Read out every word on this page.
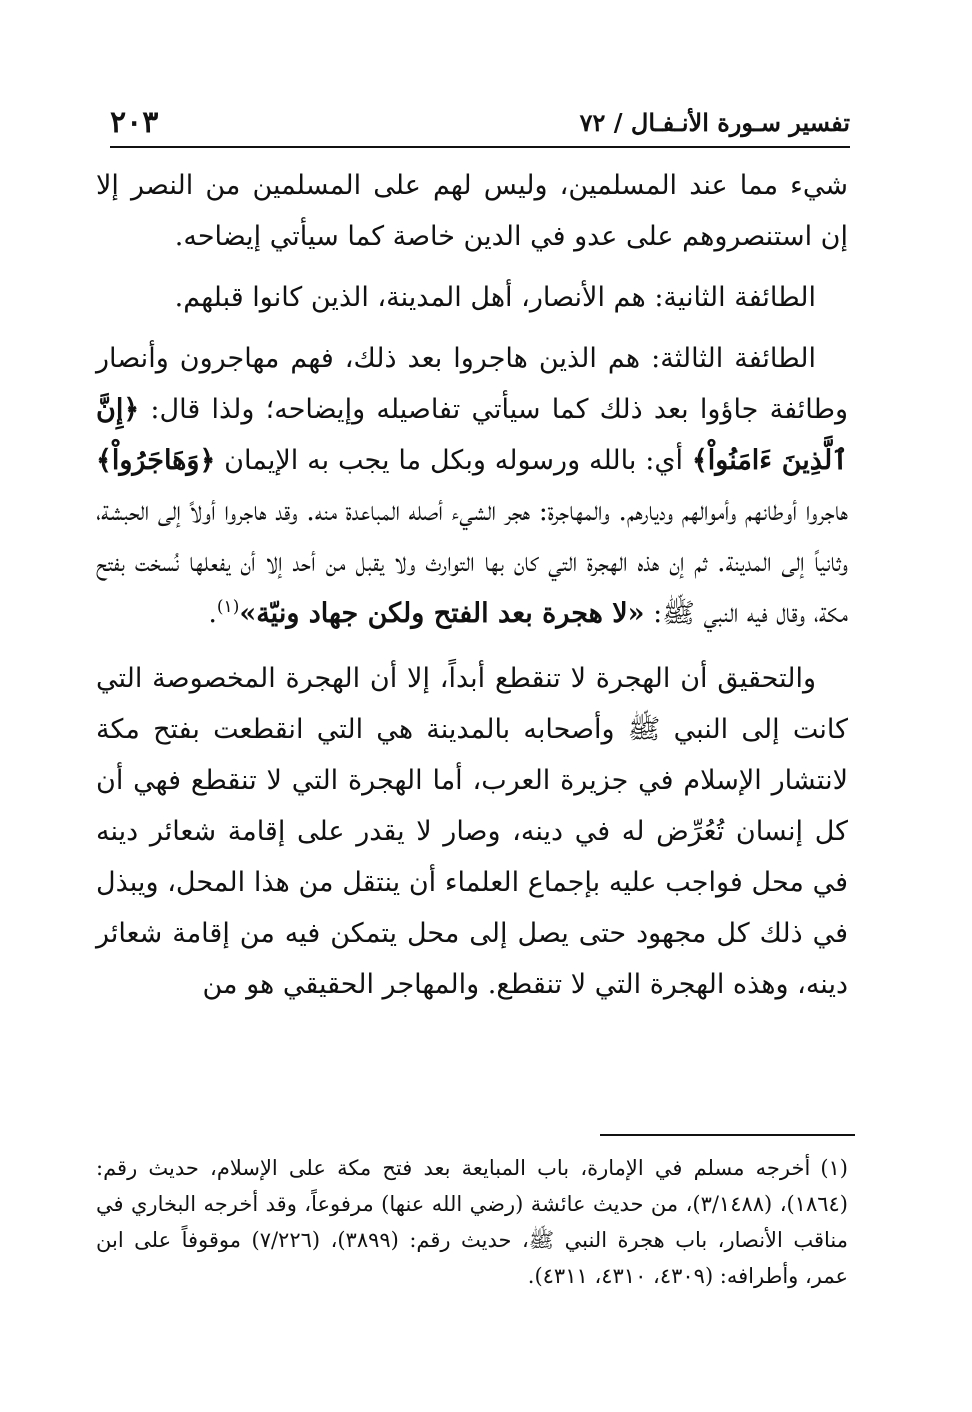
تفسير سـورة الأنـفـال / ٧٢
٢٠٣

شيء مما عند المسلمين، وليس لهم على المسلمين من النصر إلا إن استنصروهم على عدو في الدين خاصة كما سيأتي إيضاحه.

الطائفة الثانية: هم الأنصار، أهل المدينة، الذين كانوا قبلهم.

الطائفة الثالثة: هم الذين هاجروا بعد ذلك، فهم مهاجرون وأنصار وطائفة جاؤوا بعد ذلك كما سيأتي تفاصيله وإيضاحه؛ ولذا قال: ﴿إِنَّ ٱلَّذِينَ ءَامَنُواْ﴾ أي: بالله ورسوله وبكل ما يجب به الإيمان ﴿وَهَاجَرُواْ﴾ هاجروا أوطانهم وأموالهم وديارهم. والمهاجرة: هجر الشيء أصله المباعدة منه. وقد هاجروا أولاً إلى الحبشة، وثانياً إلى المدينة. ثم إن هذه الهجرة التي كان بها التوارث ولا يقبل من أحد إلا أن يفعلها نُسخت بفتح مكة، وقال فيه النبي ﷺ: «لا هجرة بعد الفتح ولكن جهاد ونيّة»$^{(١)}$.

والتحقيق أن الهجرة لا تنقطع أبداً، إلا أن الهجرة المخصوصة التي كانت إلى النبي ﷺ وأصحابه بالمدينة هي التي انقطعت بفتح مكة لانتشار الإسلام في جزيرة العرب، أما الهجرة التي لا تنقطع فهي أن كل إنسان تُعُرِّض له في دينه، وصار لا يقدر على إقامة شعائر دينه في محل فواجب عليه بإجماع العلماء أن ينتقل من هذا المحل، ويبذل في ذلك كل مجهود حتى يصل إلى محل يتمكن فيه من إقامة شعائر دينه، وهذه الهجرة التي لا تنقطع. والمهاجر الحقيقي هو من

(١)أخرجه مسلم في الإمارة، باب المبايعة بعد فتح مكة على الإسلام، حديث رقم: (١٨٦٤)، (٣/١٤٨٨)، من حديث عائشة (رضي الله عنها) مرفوعاً، وقد أخرجه البخاري في مناقب الأنصار، باب هجرة النبي ﷺ، حديث رقم: (٣٨٩٩)، (٧/٢٢٦) موقوفاً على ابن عمر، وأطرافه: (٤٣٠٩، ٤٣١٠، ٤٣١١).
